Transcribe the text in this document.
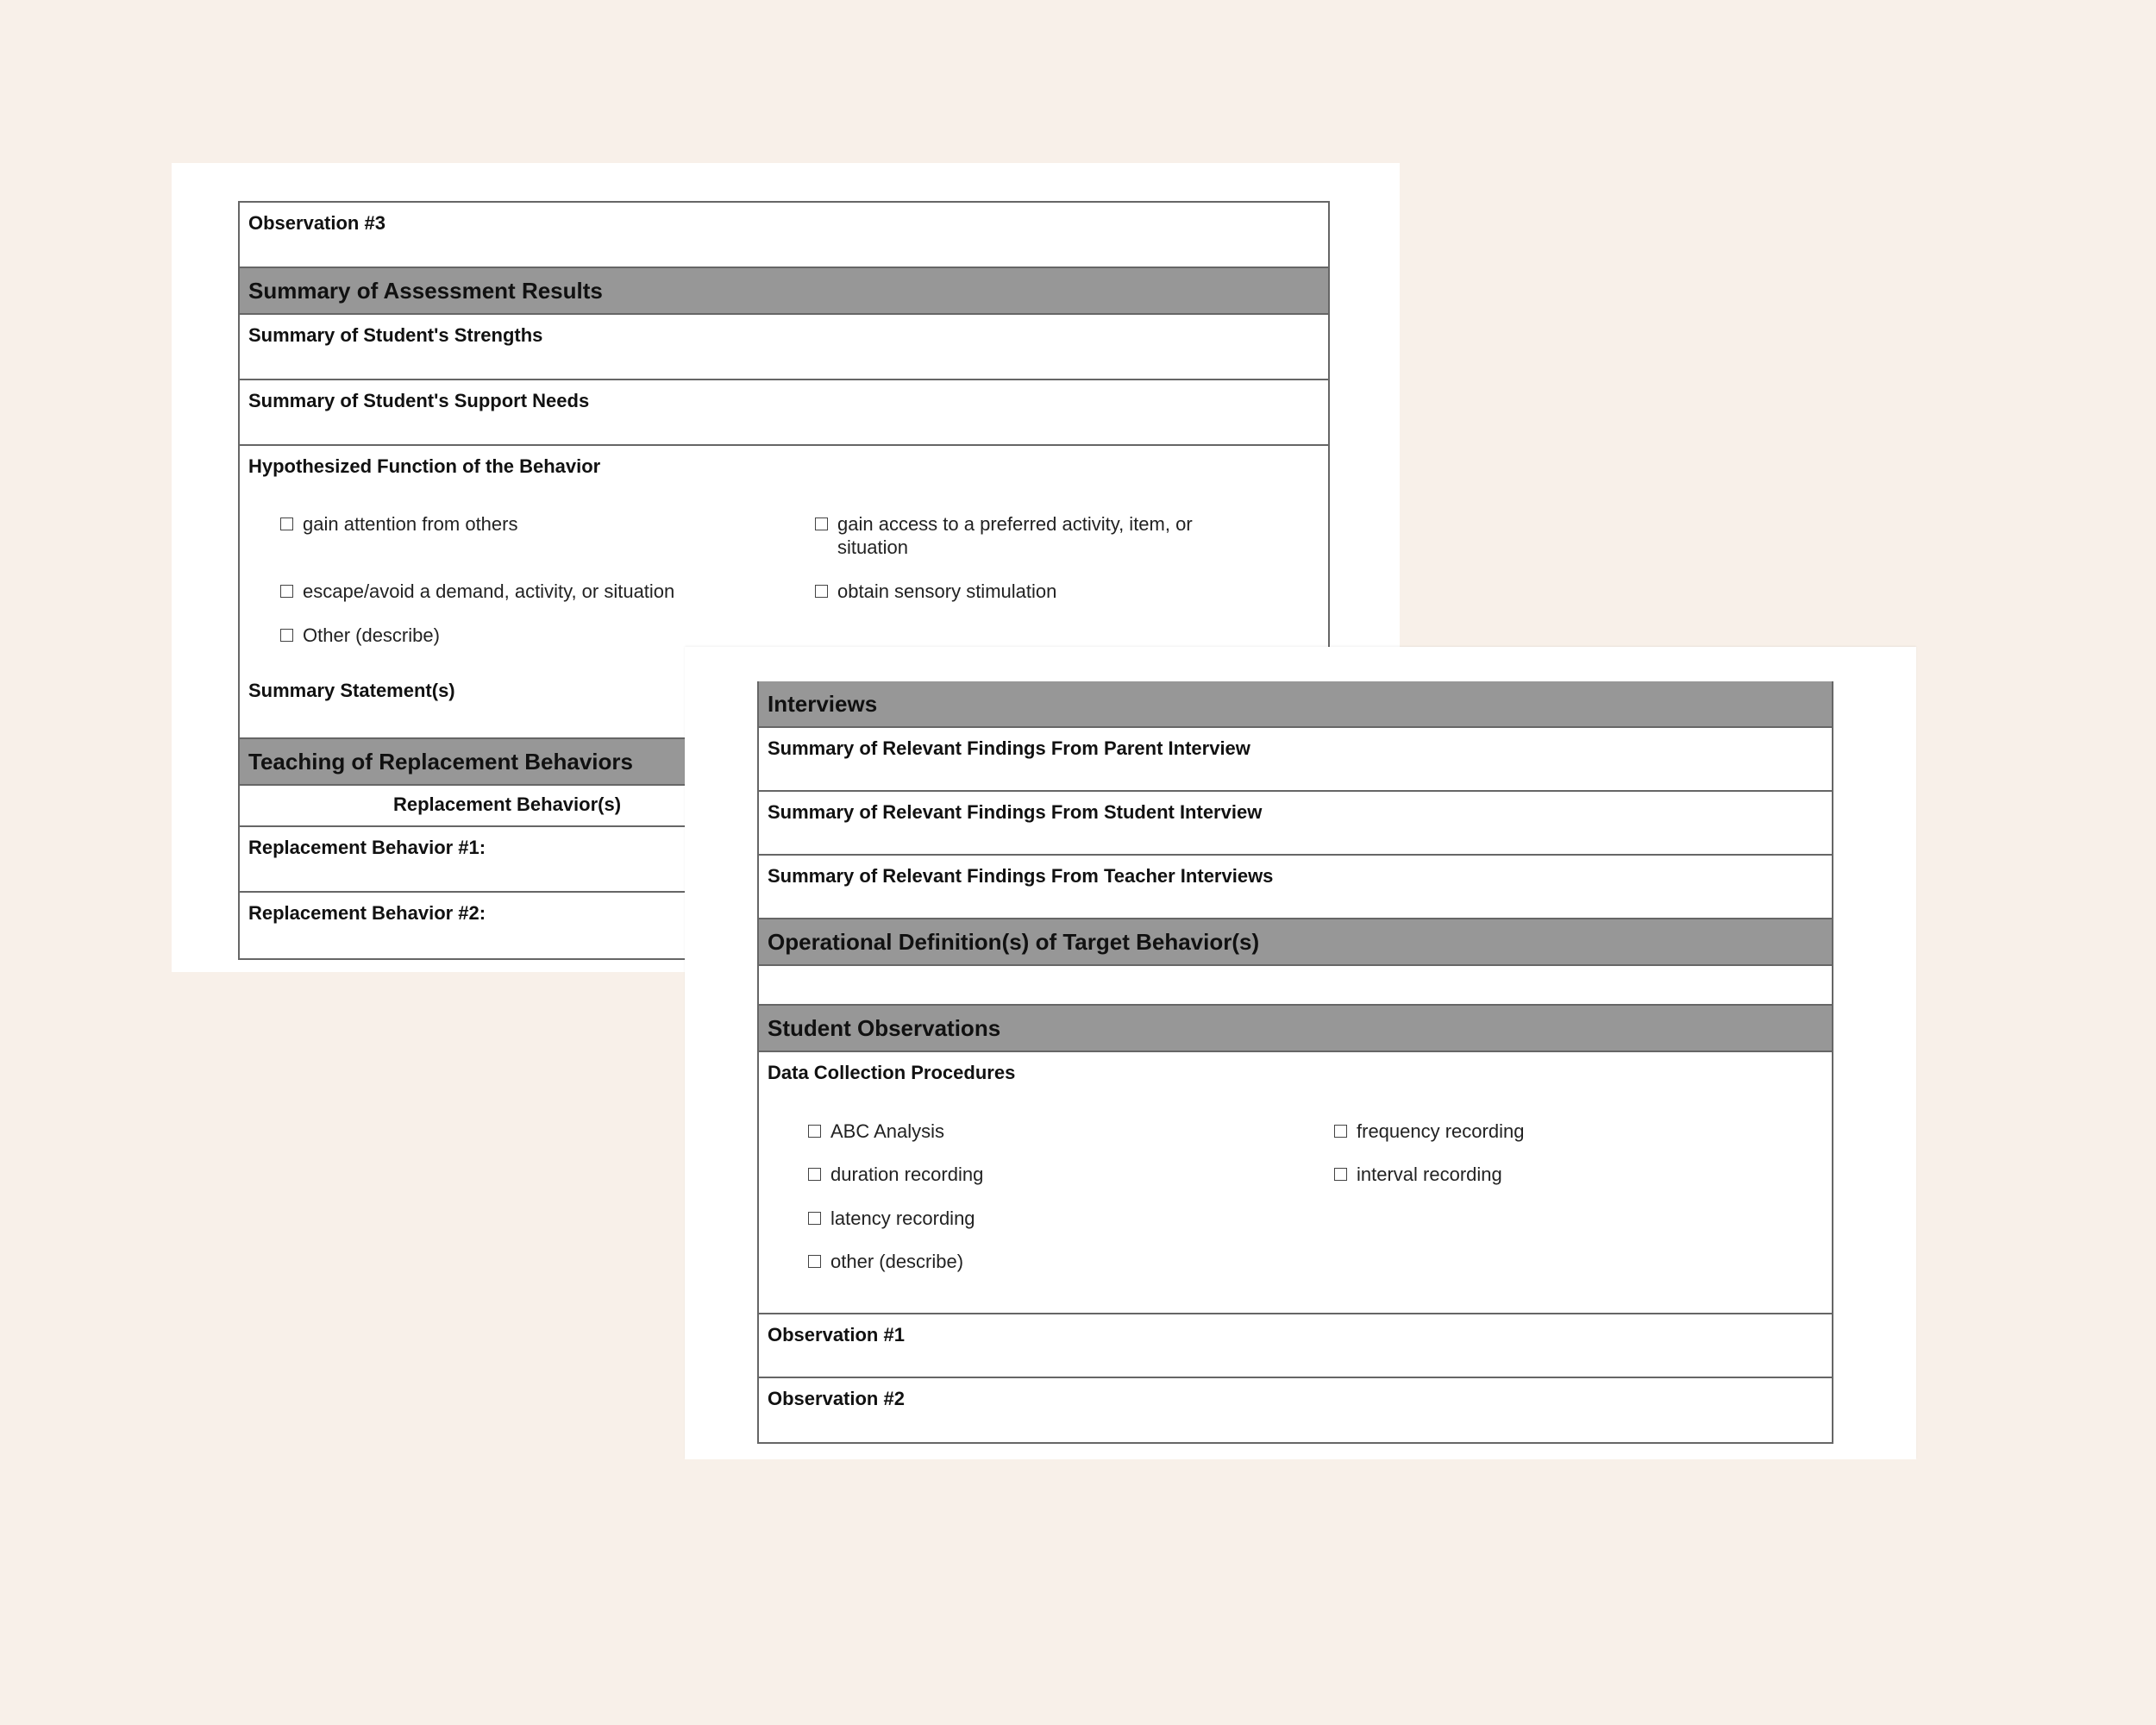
Observation #3
Summary of Assessment Results
Summary of Student's Strengths
Summary of Student's Support Needs
Hypothesized Function of the Behavior
gain attention from others	gain access to a preferred activity, item, or situation
escape/avoid a demand, activity, or situation	obtain sensory stimulation
Other (describe)
Summary Statement(s)
Teaching of Replacement Behaviors
Replacement Behavior(s)
Replacement Behavior #1:
Replacement Behavior #2:
Interviews
Summary of Relevant Findings From Parent Interview
Summary of Relevant Findings From Student Interview
Summary of Relevant Findings From Teacher Interviews
Operational Definition(s) of Target Behavior(s)
Student Observations
Data Collection Procedures
ABC Analysis	frequency recording
duration recording	interval recording
latency recording
other (describe)
Observation #1
Observation #2
